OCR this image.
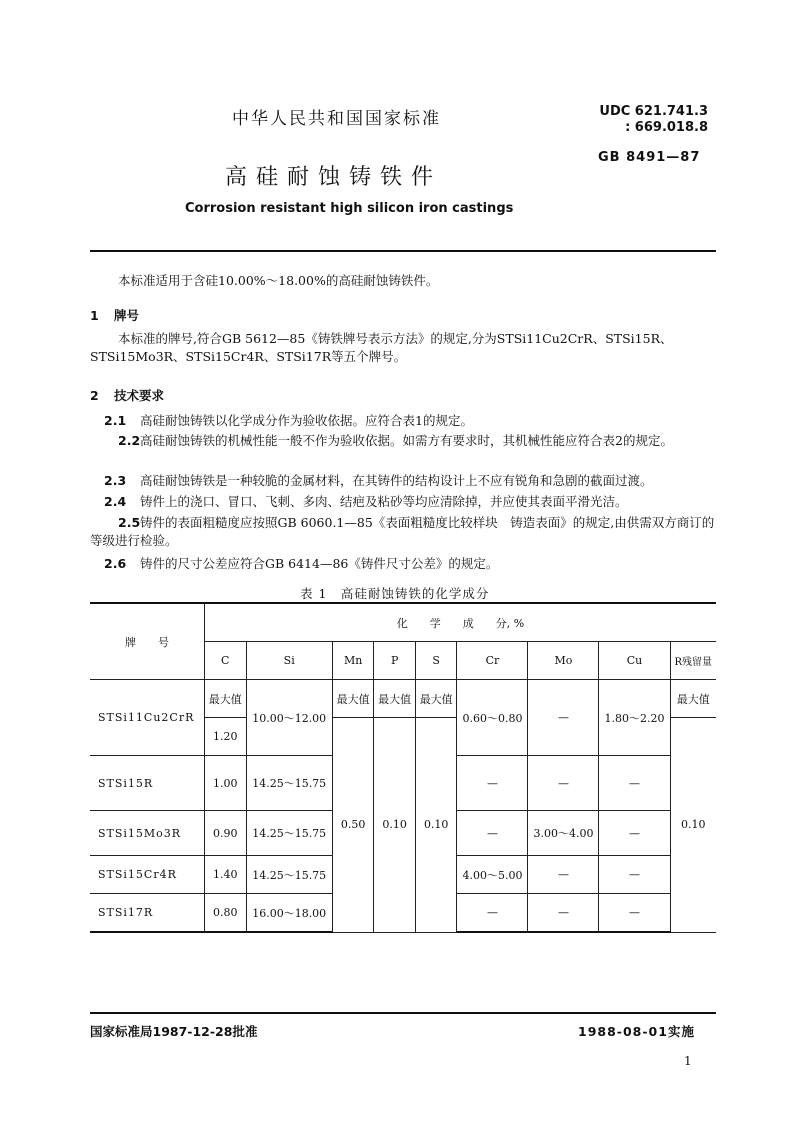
中华人民共和国国家标准	UDC 621.741.3
: 669.018.8
GB 8491—87
高硅耐蚀铸铁件
Corrosion resistant high silicon iron castings
本标准适用于含硅10.00%～18.00%的高硅耐蚀铸铁件。
1 牌号
本标准的牌号,符合GB 5612—85《铸铁牌号表示方法》的规定,分为STSi11Cu2CrR、STSi15R、STSi15Mo3R、STSi15Cr4R、STSi17R等五个牌号。
2 技术要求
2.1 高硅耐蚀铸铁以化学成分作为验收依据。应符合表1的规定。
2.2高硅耐蚀铸铁的机械性能一般不作为验收依据。如需方有要求时，其机械性能应符合表2的规定。
2.3 高硅耐蚀铸铁是一种较脆的金属材料，在其铸件的结构设计上不应有锐角和急剧的截面过渡。
2.4 铸件上的浇口、冒口、飞刺、多肉、结疤及粘砂等均应清除掉，并应使其表面平滑光洁。
2.5铸件的表面粗糙度应按照GB 6060.1—85《表面粗糙度比较样块　铸造表面》的规定,由供需双方商订的等级进行检验。
2.6 铸件的尺寸公差应符合GB 6414—86《铸件尺寸公差》的规定。
表 1　高硅耐蚀铸铁的化学成分
牌　　号	化　　学　　成　　分, %								
	C	Si	Mn	P	S	Cr	Mo	Cu	R残留量
STSi11Cu2CrR	最大值	10.00～12.00	最大值	最大值	最大值	0.60～0.80	—	1.80～2.20	最大值
	1.20		0.50	0.10	0.10				0.10
STSi15R	1.00	14.25～15.75				—	—	—	
STSi15Mo3R	0.90	14.25～15.75				—	3.00～4.00	—	
STSi15Cr4R	1.40	14.25～15.75				4.00～5.00	—	—	
STSi17R	0.80	16.00～18.00				—	—	—	
国家标准局1987-12-28批准	1988-08-01实施
1
